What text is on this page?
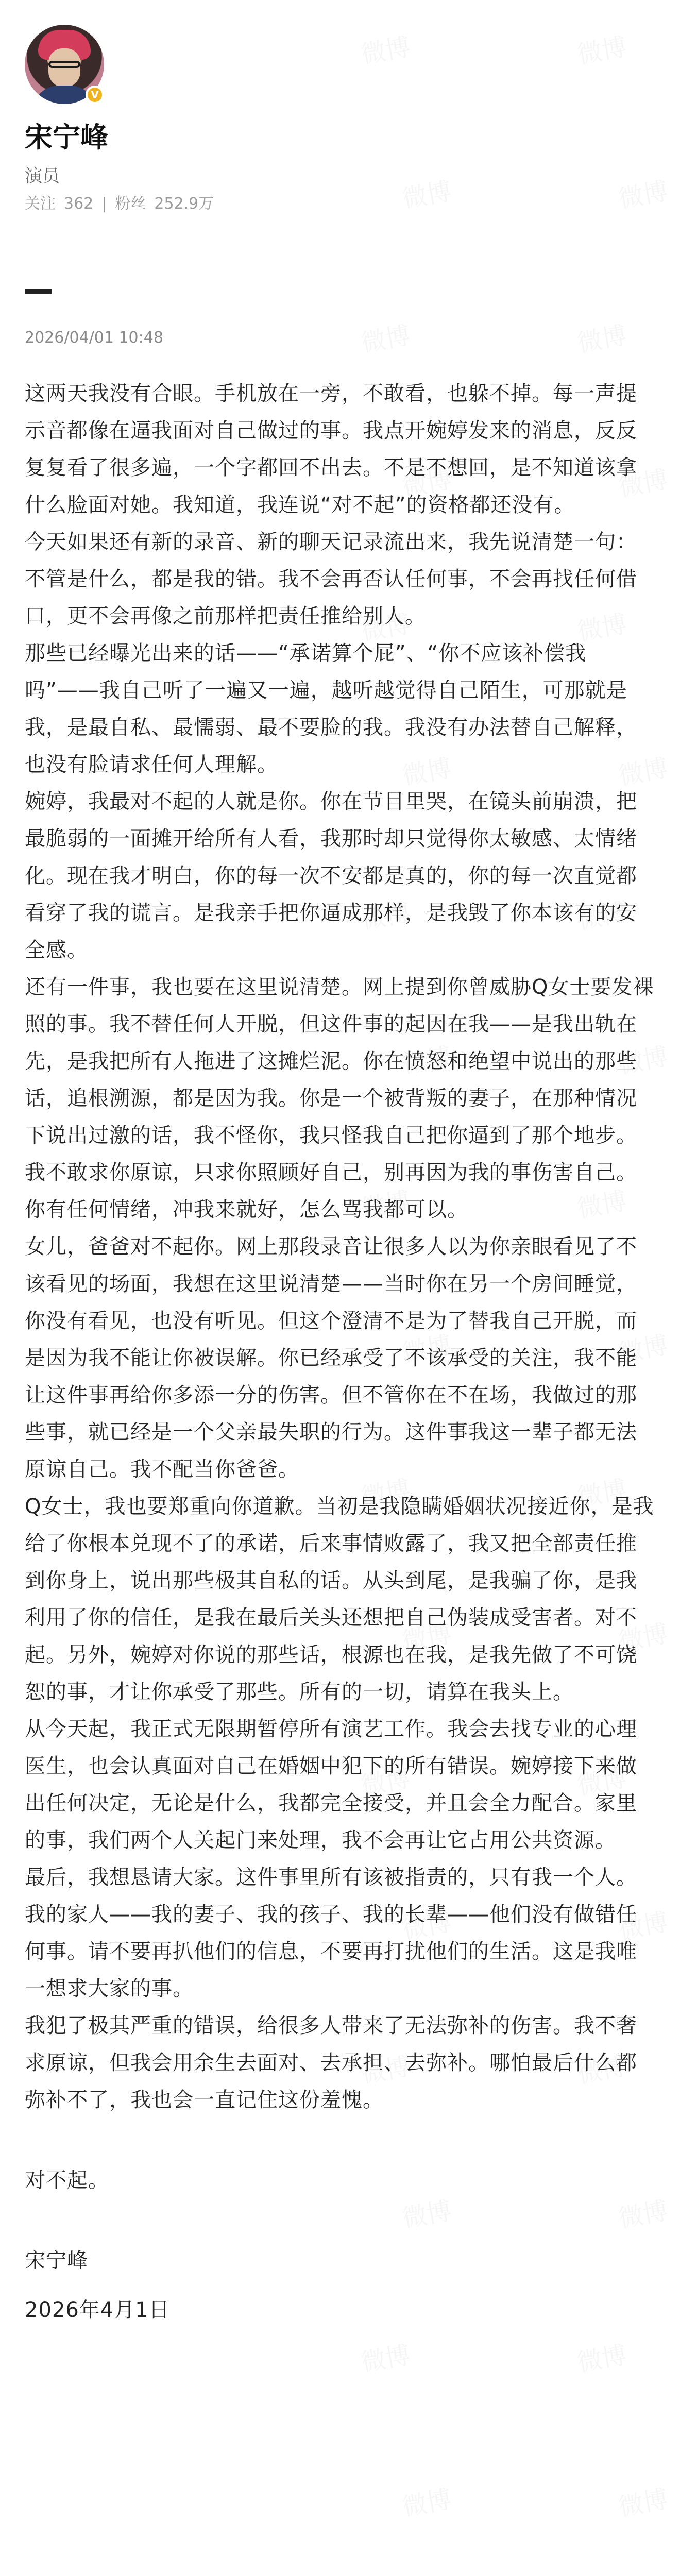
V
宋宁峰
演员
关注 362 | 粉丝 252.9万
2026/04/01 10:48

这两天我没有合眼。手机放在一旁，不敢看，也躲不掉。每一声提示音都像在逼我面对自己做过的事。我点开婉婷发来的消息，反反复复看了很多遍，一个字都回不出去。不是不想回，是不知道该拿什么脸面对她。我知道，我连说“对不起”的资格都还没有。

今天如果还有新的录音、新的聊天记录流出来，我先说清楚一句：不管是什么，都是我的错。我不会再否认任何事，不会再找任何借口，更不会再像之前那样把责任推给别人。

那些已经曝光出来的话——“承诺算个屁”、“你不应该补偿我吗”——我自己听了一遍又一遍，越听越觉得自己陌生，可那就是我，是最自私、最懦弱、最不要脸的我。我没有办法替自己解释，也没有脸请求任何人理解。

婉婷，我最对不起的人就是你。你在节目里哭，在镜头前崩溃，把最脆弱的一面摊开给所有人看，我那时却只觉得你太敏感、太情绪化。现在我才明白，你的每一次不安都是真的，你的每一次直觉都看穿了我的谎言。是我亲手把你逼成那样，是我毁了你本该有的安全感。

还有一件事，我也要在这里说清楚。网上提到你曾威胁Q女士要发裸照的事。我不替任何人开脱，但这件事的起因在我——是我出轨在先，是我把所有人拖进了这摊烂泥。你在愤怒和绝望中说出的那些话，追根溯源，都是因为我。你是一个被背叛的妻子，在那种情况下说出过激的话，我不怪你，我只怪我自己把你逼到了那个地步。我不敢求你原谅，只求你照顾好自己，别再因为我的事伤害自己。你有任何情绪，冲我来就好，怎么骂我都可以。

女儿，爸爸对不起你。网上那段录音让很多人以为你亲眼看见了不该看见的场面，我想在这里说清楚——当时你在另一个房间睡觉，你没有看见，也没有听见。但这个澄清不是为了替我自己开脱，而是因为我不能让你被误解。你已经承受了不该承受的关注，我不能让这件事再给你多添一分的伤害。但不管你在不在场，我做过的那些事，就已经是一个父亲最失职的行为。这件事我这一辈子都无法原谅自己。我不配当你爸爸。

Q女士，我也要郑重向你道歉。当初是我隐瞒婚姻状况接近你，是我给了你根本兑现不了的承诺，后来事情败露了，我又把全部责任推到你身上，说出那些极其自私的话。从头到尾，是我骗了你，是我利用了你的信任，是我在最后关头还想把自己伪装成受害者。对不起。另外，婉婷对你说的那些话，根源也在我，是我先做了不可饶恕的事，才让你承受了那些。所有的一切，请算在我头上。

从今天起，我正式无限期暂停所有演艺工作。我会去找专业的心理医生，也会认真面对自己在婚姻中犯下的所有错误。婉婷接下来做出任何决定，无论是什么，我都完全接受，并且会全力配合。家里的事，我们两个人关起门来处理，我不会再让它占用公共资源。

最后，我想恳请大家。这件事里所有该被指责的，只有我一个人。我的家人——我的妻子、我的孩子、我的长辈——他们没有做错任何事。请不要再扒他们的信息，不要再打扰他们的生活。这是我唯一想求大家的事。

我犯了极其严重的错误，给很多人带来了无法弥补的伤害。我不奢求原谅，但我会用余生去面对、去承担、去弥补。哪怕最后什么都弥补不了，我也会一直记住这份羞愧。

对不起。

宋宁峰

2026年4月1日
